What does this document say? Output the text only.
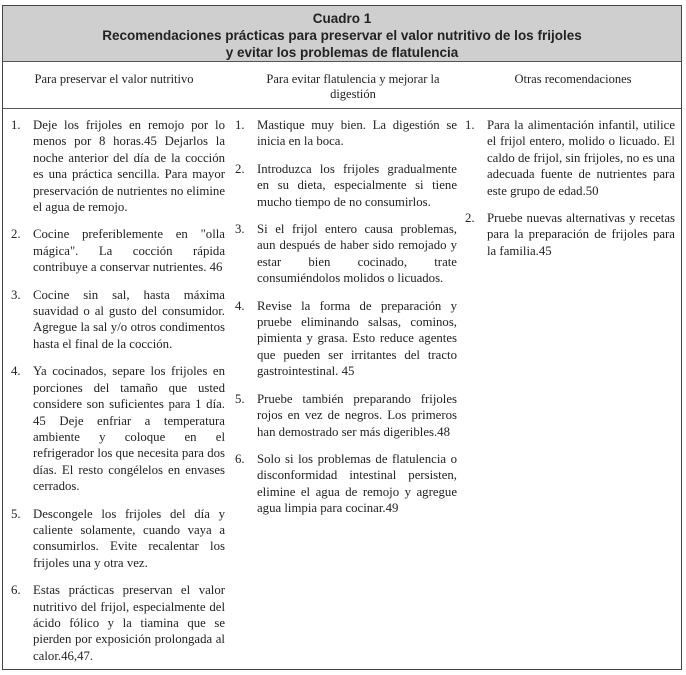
Cuadro 1
Recomendaciones prácticas para preservar el valor nutritivo de los frijoles
y evitar los problemas de flatulencia
Para preservar el valor nutritivo	Para evitar flatulencia y mejorar la digestión
Otras recomendaciones
1. Deje los frijoles en remojo por lo menos por 8 horas.45 Dejarlos la noche anterior del día de la cocción es una práctica sencilla. Para mayor preservación de nutrientes no elimine el agua de remojo.
2. Cocine preferiblemente en "olla mágica". La cocción rápida contribuye a conservar nutrientes. 46
3. Cocine sin sal, hasta máxima suavidad o al gusto del consumidor. Agregue la sal y/o otros condimentos hasta el final de la cocción.
4. Ya cocinados, separe los frijoles en porciones del tamaño que usted considere son suficientes para 1 día. 45 Deje enfriar a temperatura ambiente y coloque en el refrigerador los que necesita para dos días. El resto congélelos en envases cerrados.
5. Descongele los frijoles del día y caliente solamente, cuando vaya a consumirlos. Evite recalentar los frijoles una y otra vez.
6. Estas prácticas preservan el valor nutritivo del frijol, especialmente del ácido fólico y la tiamina que se pierden por exposición prolongada al calor.46,47.
1. Mastique muy bien. La digestión se inicia en la boca.
2. Introduzca los frijoles gradualmente en su dieta, especialmente si tiene mucho tiempo de no consumirlos.
3. Si el frijol entero causa problemas, aun después de haber sido remojado y estar bien cocinado, trate consumiéndolos molidos o licuados.
4. Revise la forma de preparación y pruebe eliminando salsas, cominos, pimienta y grasa. Esto reduce agentes que pueden ser irritantes del tracto gastrointestinal. 45
5. Pruebe también preparando frijoles rojos en vez de negros. Los primeros han demostrado ser más digeribles.48
6. Solo si los problemas de flatulencia o disconformidad intestinal persisten, elimine el agua de remojo y agregue agua limpia para cocinar.49
1. Para la alimentación infantil, utilice el frijol entero, molido o licuado. El caldo de frijol, sin frijoles, no es una adecuada fuente de nutrientes para este grupo de edad.50
2. Pruebe nuevas alternativas y recetas para la preparación de frijoles para la familia.45
